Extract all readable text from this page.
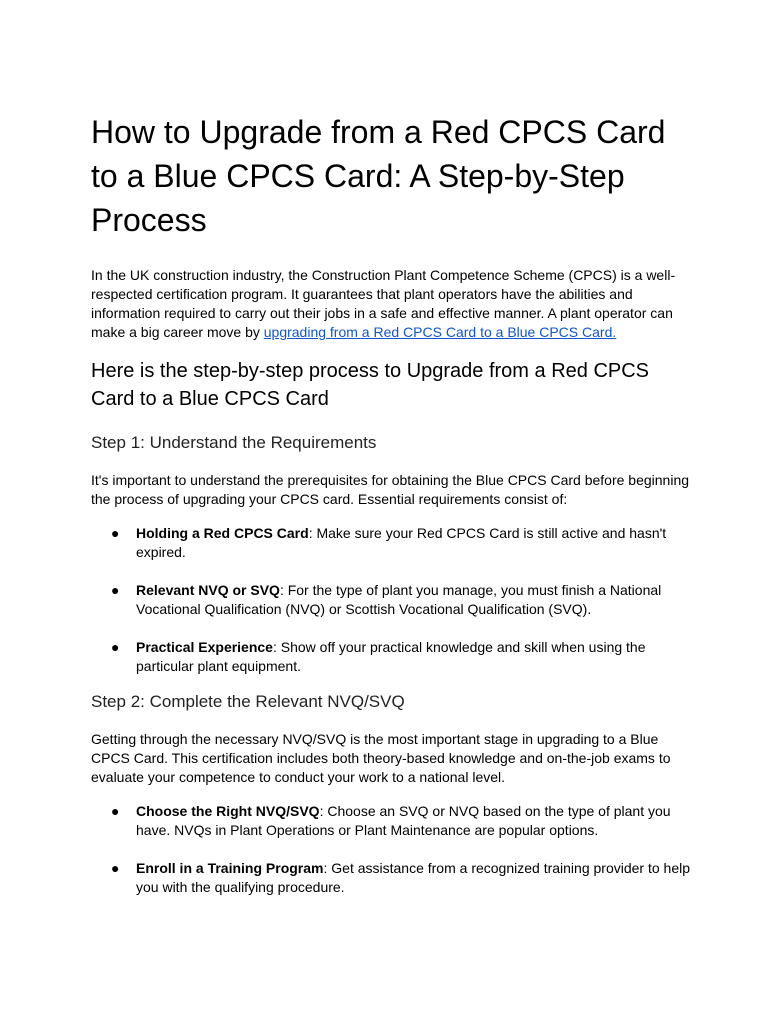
How to Upgrade from a Red CPCS Card to a Blue CPCS Card: A Step-by-Step Process

In the UK construction industry, the Construction Plant Competence Scheme (CPCS) is a well-respected certification program. It guarantees that plant operators have the abilities and information required to carry out their jobs in a safe and effective manner. A plant operator can make a big career move by upgrading from a Red CPCS Card to a Blue CPCS Card.

Here is the step-by-step process to Upgrade from a Red CPCS Card to a Blue CPCS Card
Step 1: Understand the Requirements

It's important to understand the prerequisites for obtaining the Blue CPCS Card before beginning the process of upgrading your CPCS card. Essential requirements consist of:

● Holding a Red CPCS Card: Make sure your Red CPCS Card is still active and hasn't expired.
● Relevant NVQ or SVQ: For the type of plant you manage, you must finish a National Vocational Qualification (NVQ) or Scottish Vocational Qualification (SVQ).
● Practical Experience: Show off your practical knowledge and skill when using the particular plant equipment.
Step 2: Complete the Relevant NVQ/SVQ

Getting through the necessary NVQ/SVQ is the most important stage in upgrading to a Blue CPCS Card. This certification includes both theory-based knowledge and on-the-job exams to evaluate your competence to conduct your work to a national level.

● Choose the Right NVQ/SVQ: Choose an SVQ or NVQ based on the type of plant you have. NVQs in Plant Operations or Plant Maintenance are popular options.
● Enroll in a Training Program: Get assistance from a recognized training provider to help you with the qualifying procedure.
